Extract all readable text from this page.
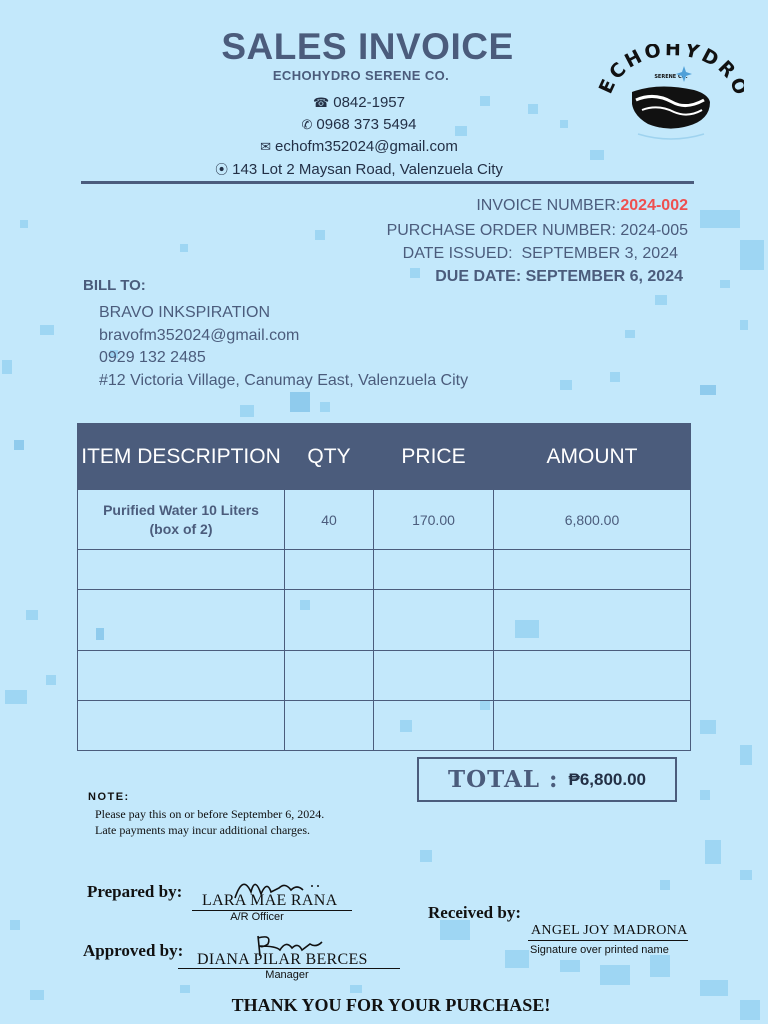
SALES INVOICE
ECHOHYDRO SERENE CO.
☎ 0842-1957
✆ 0968 373 5494
✉ echofm352024@gmail.com
⦿ 143 Lot 2 Maysan Road, Valenzuela City
CHOHYDR
SERENE CO.
INVOICE NUMBER:2024-002
PURCHASE ORDER NUMBER: 2024-005
DATE ISSUED: SEPTEMBER 3, 2024
DUE DATE: SEPTEMBER 6, 2024
BILL TO:
BRAVO INKSPIRATION
bravofm352024@gmail.com
0929 132 2485
#12 Victoria Village, Canumay East, Valenzuela City
ITEM DESCRIPTION	QTY	PRICE	AMOUNT

Purified Water 10 Liters
(box of 2)	40	170.00	6,800.00

TOTAL : ₱6,800.00
NOTE:
Please pay this on or before September 6, 2024.
Late payments may incur additional charges.
Prepared by: LARA MAE RANA
A/R Officer
Approved by: DIANA PILAR BERCES
Manager
Received by:
ANGEL JOY MADRONA
Signature over printed name
THANK YOU FOR YOUR PURCHASE!
